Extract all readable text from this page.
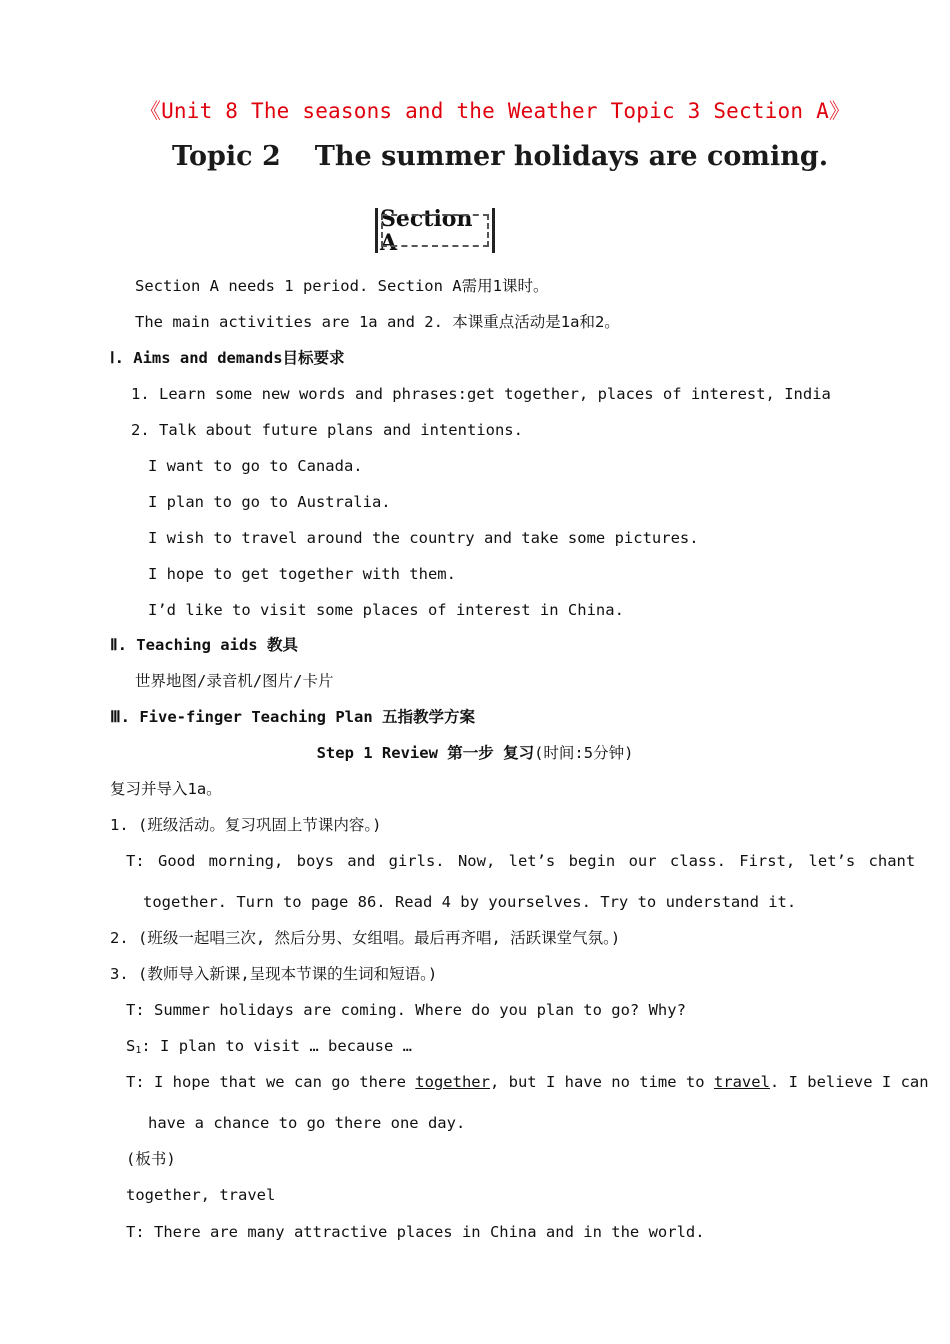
《Unit 8 The seasons and the Weather Topic 3 Section A》
Topic 2 The summer holidays are coming.
Section A
Section A needs 1 period. Section A需用1课时。
The main activities are 1a and 2. 本课重点活动是1a和2。
Ⅰ. Aims and demands目标要求
1. Learn some new words and phrases:get together, places of interest, India
2. Talk about future plans and intentions.
I want to go to Canada.
I plan to go to Australia.
I wish to travel around the country and take some pictures.
I hope to get together with them.
I’d like to visit some places of interest in China.
Ⅱ. Teaching aids 教具
世界地图/录音机/图片/卡片
Ⅲ. Five-finger Teaching Plan 五指教学方案
Step 1 Review 第一步 复习(时间:5分钟)
复习并导入1a。
1. (班级活动。复习巩固上节课内容。)
T: Good morning, boys and girls. Now, let’s begin our class. First, let’s chant
together. Turn to page 86. Read 4 by yourselves. Try to understand it.
2. (班级一起唱三次, 然后分男、女组唱。最后再齐唱, 活跃课堂气氛。)
3. (教师导入新课,呈现本节课的生词和短语。)
T: Summer holidays are coming. Where do you plan to go? Why?
$S_1$: I plan to visit … because …
T: I hope that we can go there together, but I have no time to travel. I believe I can
have a chance to go there one day.
(板书)
together, travel
T: There are many attractive places in China and in the world.
